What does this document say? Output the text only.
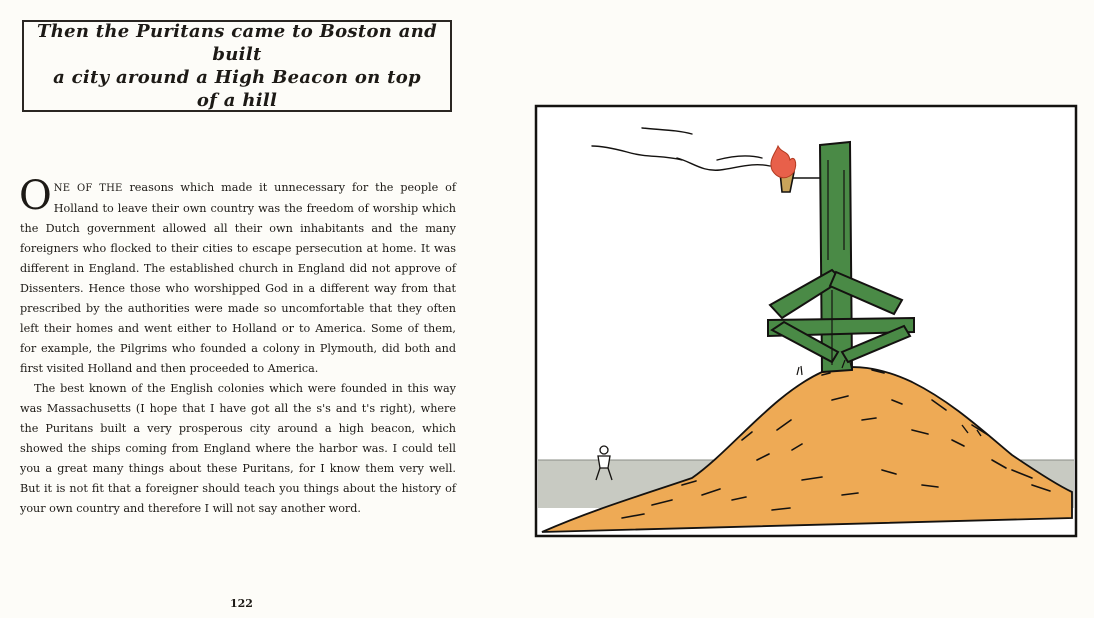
Then the Puritans came to Boston and built
a city around a High Beacon on top
of a hill

ONE OF THE reasons which made it unnecessary for the people of Holland to leave their own country was the freedom of worship which the Dutch government allowed all their own inhabitants and the many foreigners who flocked to their cities to escape persecution at home. It was different in England. The established church in England did not approve of Dissenters. Hence those who worshipped God in a different way from that prescribed by the authorities were made so uncomfortable that they often left their homes and went either to Holland or to America. Some of them, for example, the Pilgrims who founded a colony in Plymouth, did both and first visited Holland and then proceeded to America.

The best known of the English colonies which were founded in this way was Massachusetts (I hope that I have got all the s's and t's right), where the Puritans built a very prosperous city around a high beacon, which showed the ships coming from England where the harbor was. I could tell you a great many things about these Puritans, for I know them very well. But it is not fit that a foreigner should teach you things about the history of your own country and therefore I will not say another word.

122
